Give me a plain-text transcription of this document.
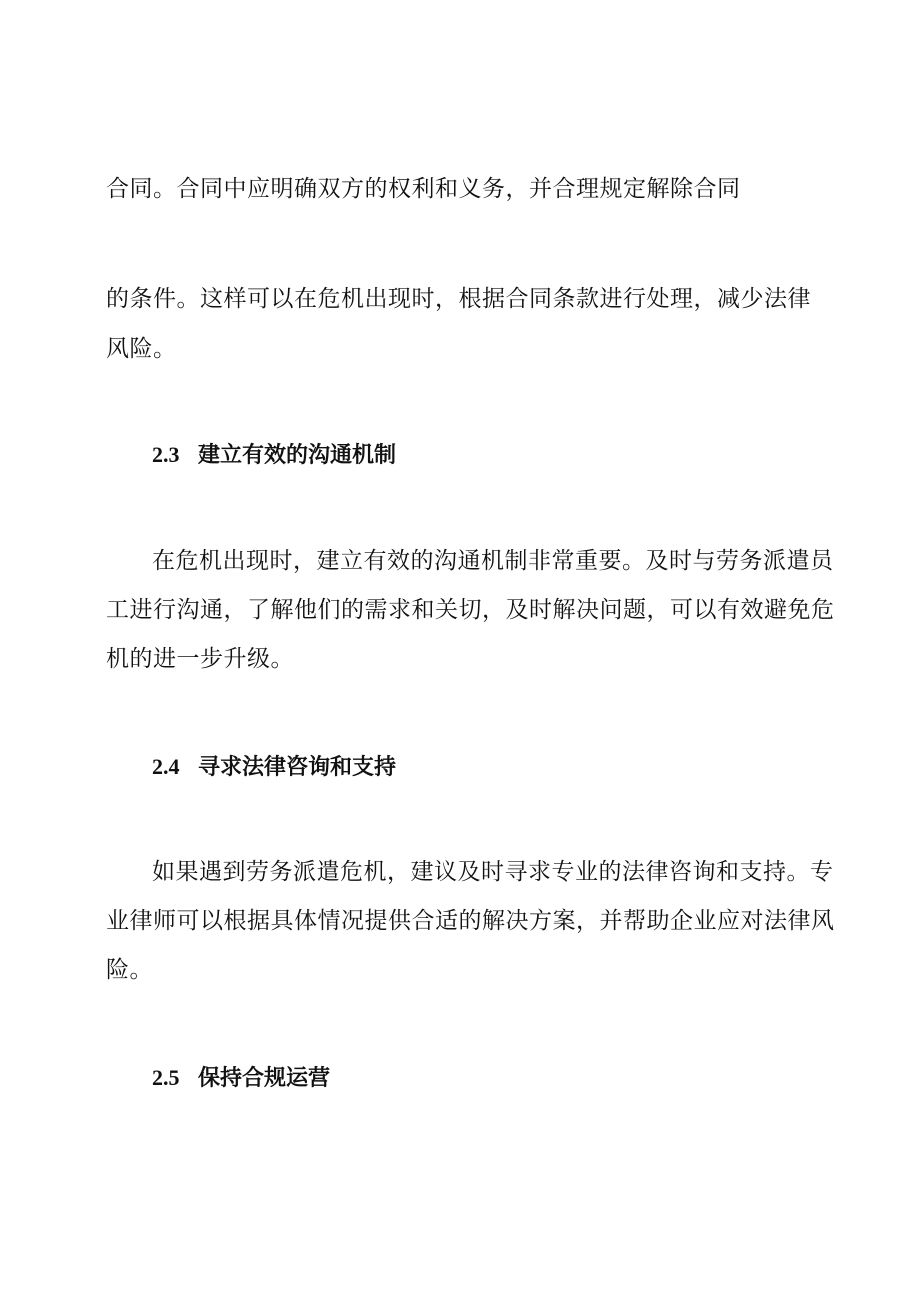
合同。合同中应明确双方的权利和义务，并合理规定解除合同
的条件。这样可以在危机出现时，根据合同条款进行处理，减少法律
风险。
2.3 建立有效的沟通机制
在危机出现时，建立有效的沟通机制非常重要。及时与劳务派遣员
工进行沟通，了解他们的需求和关切，及时解决问题，可以有效避免危
机的进一步升级。
2.4 寻求法律咨询和支持
如果遇到劳务派遣危机，建议及时寻求专业的法律咨询和支持。专
业律师可以根据具体情况提供合适的解决方案，并帮助企业应对法律风
险。
2.5 保持合规运营
